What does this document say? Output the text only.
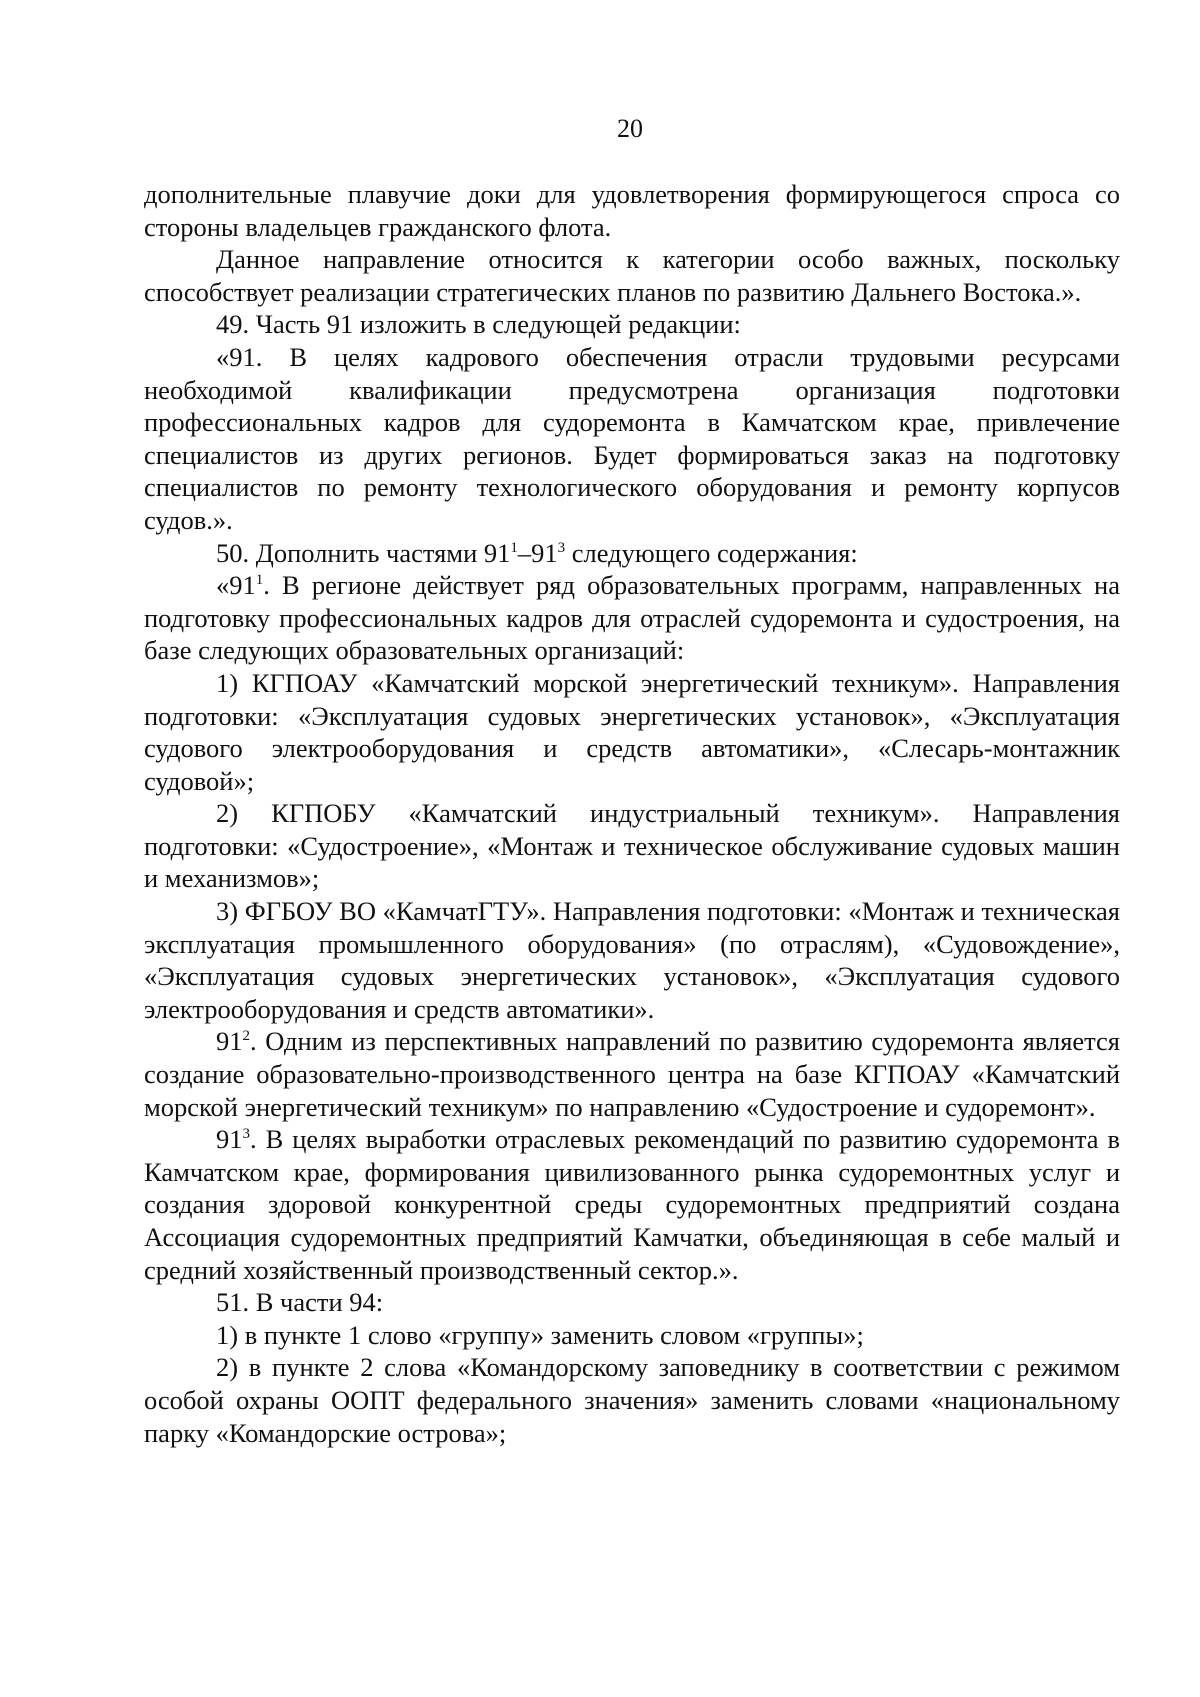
20

дополнительные плавучие доки для удовлетворения формирующегося спроса со стороны владельцев гражданского флота.

Данное направление относится к категории особо важных, поскольку способствует реализации стратегических планов по развитию Дальнего Востока.».

49. Часть 91 изложить в следующей редакции:

«91. В целях кадрового обеспечения отрасли трудовыми ресурсами необходимой квалификации предусмотрена организация подготовки профессиональных кадров для судоремонта в Камчатском крае, привлечение специалистов из других регионов. Будет формироваться заказ на подготовку специалистов по ремонту технологического оборудования и ремонту корпусов судов.».

50. Дополнить частями $91^1-91^3$ следующего содержания:

«$91^1$. В регионе действует ряд образовательных программ, направленных на подготовку профессиональных кадров для отраслей судоремонта и судостроения, на базе следующих образовательных организаций:

1) КГПОАУ «Камчатский морской энергетический техникум». Направления подготовки: «Эксплуатация судовых энергетических установок», «Эксплуатация судового электрооборудования и средств автоматики», «Слесарь-монтажник судовой»;

2) КГПОБУ «Камчатский индустриальный техникум». Направления подготовки: «Судостроение», «Монтаж и техническое обслуживание судовых машин и механизмов»;

3) ФГБОУ ВО «КамчатГТУ». Направления подготовки: «Монтаж и техническая эксплуатация промышленного оборудования» (по отраслям), «Судовождение», «Эксплуатация судовых энергетических установок», «Эксплуатация судового электрооборудования и средств автоматики».

$91^2$. Одним из перспективных направлений по развитию судоремонта является создание образовательно-производственного центра на базе КГПОАУ «Камчатский морской энергетический техникум» по направлению «Судостроение и судоремонт».

$91^3$. В целях выработки отраслевых рекомендаций по развитию судоремонта в Камчатском крае, формирования цивилизованного рынка судоремонтных услуг и создания здоровой конкурентной среды судоремонтных предприятий создана Ассоциация судоремонтных предприятий Камчатки, объединяющая в себе малый и средний хозяйственный производственный сектор.».

51. В части 94:

1) в пункте 1 слово «группу» заменить словом «группы»;

2) в пункте 2 слова «Командорскому заповеднику в соответствии с режимом особой охраны ООПТ федерального значения» заменить словами «национальному парку «Командорские острова»;
